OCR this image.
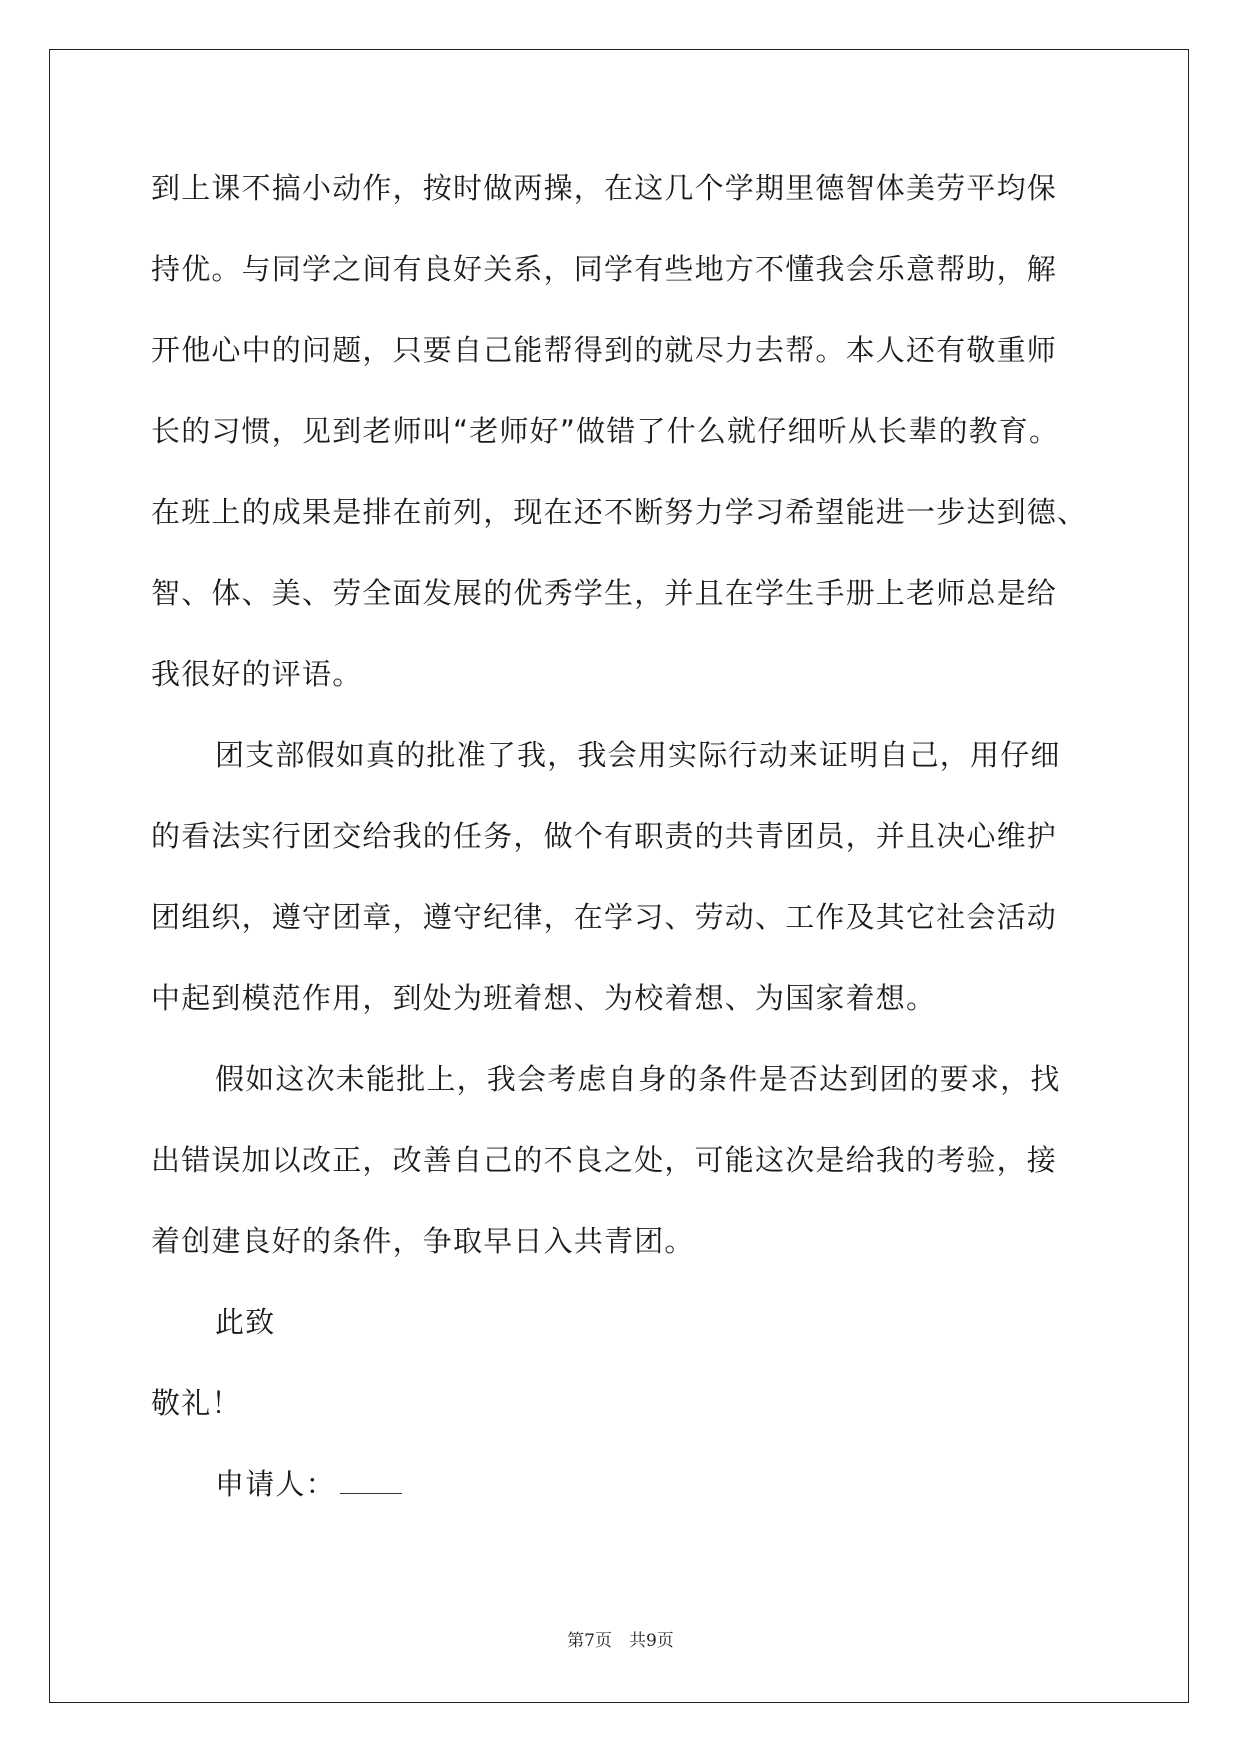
到上课不搞小动作，按时做两操，在这几个学期里德智体美劳平均保
持优。与同学之间有良好关系，同学有些地方不懂我会乐意帮助，解
开他心中的问题，只要自己能帮得到的就尽力去帮。本人还有敬重师
长的习惯，见到老师叫“老师好”做错了什么就仔细听从长辈的教育。
在班上的成果是排在前列，现在还不断努力学习希望能进一步达到德、
智、体、美、劳全面发展的优秀学生，并且在学生手册上老师总是给
我很好的评语。
团支部假如真的批准了我，我会用实际行动来证明自己，用仔细
的看法实行团交给我的任务，做个有职责的共青团员，并且决心维护
团组织，遵守团章，遵守纪律，在学习、劳动、工作及其它社会活动
中起到模范作用，到处为班着想、为校着想、为国家着想。
假如这次未能批上，我会考虑自身的条件是否达到团的要求，找
出错误加以改正，改善自己的不良之处，可能这次是给我的考验，接
着创建良好的条件，争取早日入共青团。
此致
敬礼！
申请人：
第7页　共9页
